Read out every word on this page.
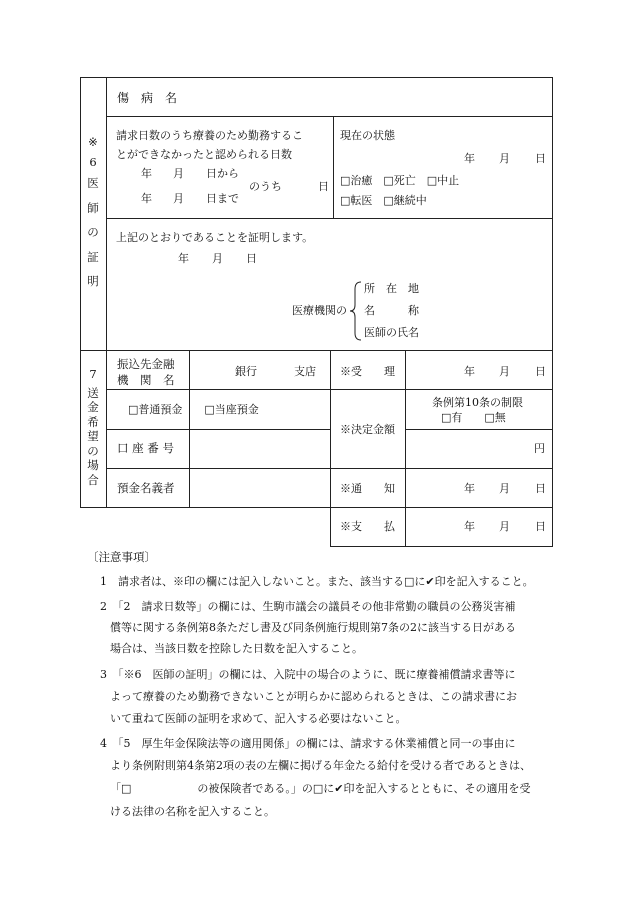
※
6
医
師
の
証
明
傷　病　名
請求日数のうち療養のため勤務するこ
とができなかったと認められる日数
年 月 日から
年 月 日まで
のうち	日
現在の状態
年 月 日
□治癒　□死亡　□中止
□転医　□継続中
上記のとおりであることを証明します。
年 月 日
医療機関の
所　在　地
名　　　称
医師の氏名
7
送
金
希
望
の
場
合
振込先金融
機　関　名
銀行	支店
□普通預金　　□当座預金
口 座 番 号	円
預金名義者
※受　　理	年 月 日
条例第10条の制限
□有　　□無
※決定金額
※通　　知	年 月 日
※支　　払	年 月 日
〔注意事項〕
1　請求者は、※印の欄には記入しないこと。また、該当する□に✔印を記入すること。
2　「2　請求日数等」の欄には、生駒市議会の議員その他非常勤の職員の公務災害補
償等に関する条例第8条ただし書及び同条例施行規則第7条の2に該当する日がある
場合は、当該日数を控除した日数を記入すること。
3　「※6　医師の証明」の欄には、入院中の場合のように、既に療養補償請求書等に
よって療養のため勤務できないことが明らかに認められるときは、この請求書にお
いて重ねて医師の証明を求めて、記入する必要はないこと。
4　「5　厚生年金保険法等の適用関係」の欄には、請求する休業補償と同一の事由に
より条例附則第4条第2項の表の左欄に掲げる年金たる給付を受ける者であるときは、
「□　　　　　　の被保険者である。」の□に✔印を記入するとともに、その適用を受
ける法律の名称を記入すること。
